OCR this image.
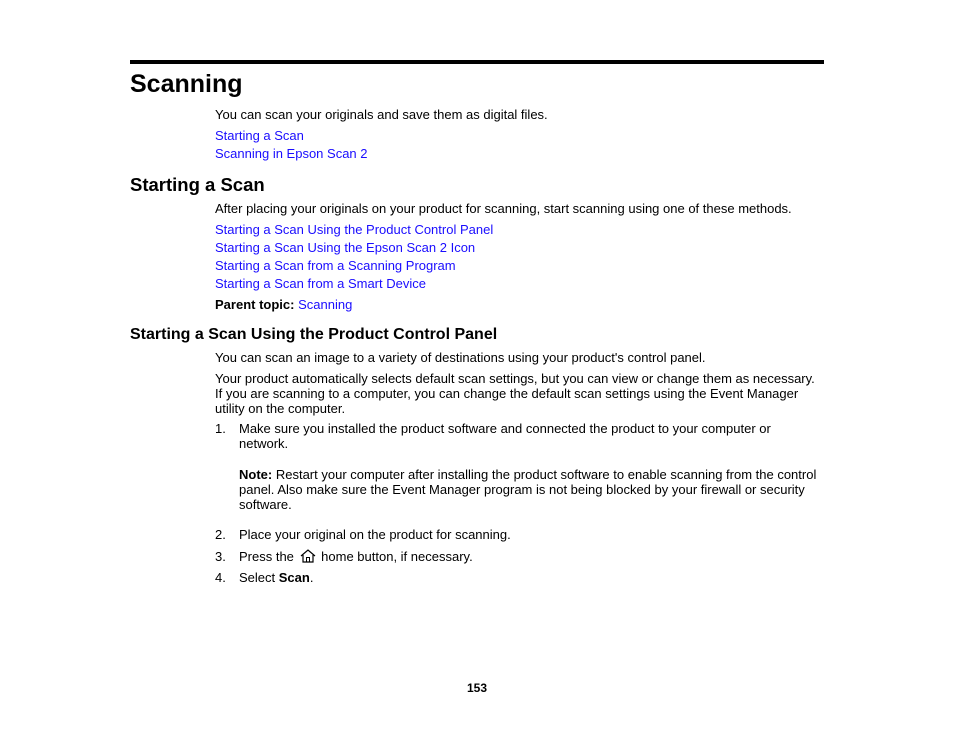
Scanning
You can scan your originals and save them as digital files.
Starting a Scan
Scanning in Epson Scan 2
Starting a Scan
After placing your originals on your product for scanning, start scanning using one of these methods.
Starting a Scan Using the Product Control Panel
Starting a Scan Using the Epson Scan 2 Icon
Starting a Scan from a Scanning Program
Starting a Scan from a Smart Device
Parent topic: Scanning
Starting a Scan Using the Product Control Panel
You can scan an image to a variety of destinations using your product's control panel.
Your product automatically selects default scan settings, but you can view or change them as necessary. If you are scanning to a computer, you can change the default scan settings using the Event Manager utility on the computer.
1. Make sure you installed the product software and connected the product to your computer or network.
Note: Restart your computer after installing the product software to enable scanning from the control panel. Also make sure the Event Manager program is not being blocked by your firewall or security software.
2. Place your original on the product for scanning.
3. Press the home button, if necessary.
4. Select Scan.
153
